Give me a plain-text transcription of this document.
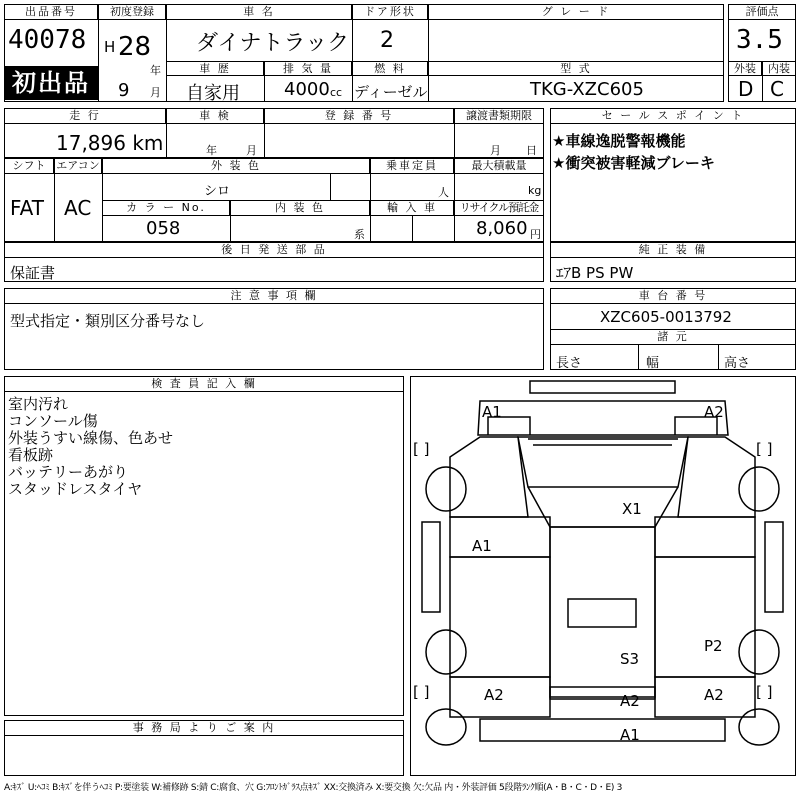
出品番号
40078
初出品
初度登録
H 28
年
9 月
車 名
ダイナトラック
ドア形状
2
グ レ ー ド
車 歴	排 気 量	燃 料	型 式
自家用 4000 cc ディーゼル	TKG-XZC605
評価点
3.5
外装	内装
D C
走 行
17,896 km
車 検
年	月
登 録 番 号	譲渡書類期限
月 日
セ ー ル ス ポ イ ン ト
★車線逸脱警報機能
★衝突被害軽減ブレーキ
シフト
FAT
エアコン
AC
外 装 色
シロ
乗車定員
人
最大積載量
kg
カ ラ ー No.
058
内 装 色
系
輸 入 車	リサイクル預託金
8,060 円
後 日 発 送 部 品
保証書
純 正 装 備
ｴｱB PS PW
注 意 事 項 欄
型式指定・類別区分番号なし
車 台 番 号
XZC605-0013792
諸 元
長さ	幅	高さ
検 査 員 記 入 欄
室内汚れ
コンソール傷
外装うすい線傷、色あせ
看板跡
バッテリーあがり
スタッドレスタイヤ
事 務 局 よ り ご 案 内
A1	A2
X1
A1
P2
S3
A2	A2	A2
A1
[ ]	[ ]
[ ]	[ ]
A:ｷｽﾞ U:ﾍｺﾐ B:ｷｽﾞを伴うﾍｺﾐ P:要塗装 W:補修跡 S:錆 C:腐食、穴 G:ﾌﾛﾝﾄｶﾞﾗｽ点ｷｽﾞ XX:交換済み X:要交換 欠:欠品 内・外装評価 5段階ﾗﾝｸ順(A・B・C・D・E) 3
